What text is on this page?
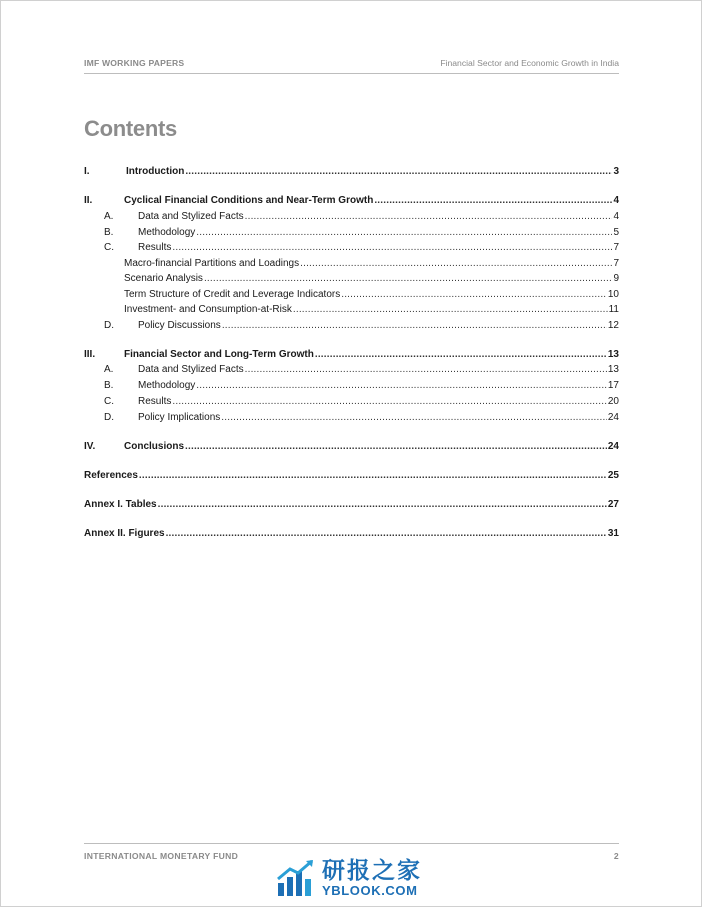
IMF WORKING PAPERS	Financial Sector and Economic Growth in India
Contents
I.	Introduction .....	3
II.	Cyclical Financial Conditions and Near-Term Growth .....	4
A.	Data and Stylized Facts .....	4
B.	Methodology .....	5
C.	Results .....	7
Macro-financial Partitions and Loadings .....	7
Scenario Analysis .....	9
Term Structure of Credit and Leverage Indicators .....	10
Investment- and Consumption-at-Risk .....	11
D.	Policy Discussions .....	12
III.	Financial Sector and Long-Term Growth .....	13
A.	Data and Stylized Facts .....	13
B.	Methodology .....	17
C.	Results .....	20
D.	Policy Implications .....	24
IV.	Conclusions .....	24
References .....	25
Annex I. Tables .....	27
Annex II. Figures .....	31
INTERNATIONAL MONETARY FUND	2
研报之家
YBLOOK.COM
